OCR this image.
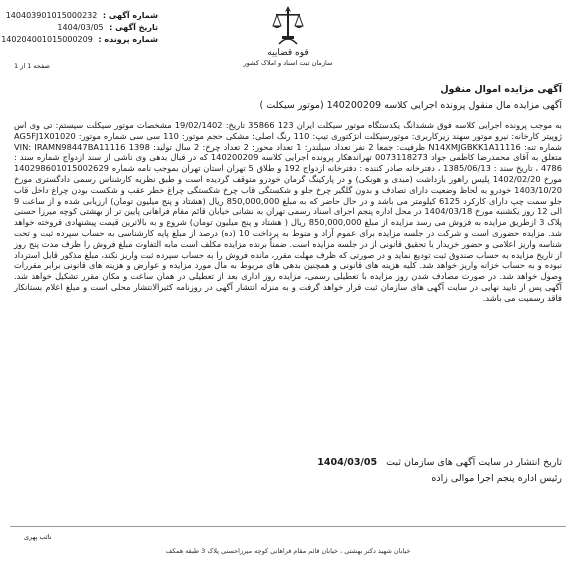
شماره آگهی : 140403901015000232
تاریخ آگهی : 1404/03/05
شماره پرونده : 140204001015000209
قوه قضاییه
سازمان ثبت اسناد و املاک کشور
صفحه 1 از 1
آگهی مزایده اموال منقول
آگهی مزایده مال منقول پرونده اجرایی کلاسه 140200209 (موتور سیکلت )

به موجب پرونده اجرایی کلاسه فوق ششدانگ یکدستگاه موتور سیکلت ایران 123 35866 تاریخ: 19/02/1402 مشخصات موتور سیکلت سیستم: تی وی اس ژوپیتر کارخانه: نیرو موتور سهند زیرکاربری: موتورسیکلت انژکتوری تیپ: 110 رنگ اصلی: مشکی حجم موتور: 110 سی سی شماره موتور: AG5FJ1X01020 شماره تنه: N14XMJGBKK1A11116 ظرفیت: جمعا 2 نفر تعداد سیلندر: 1 تعداد محور: 2 تعداد چرخ: 2 سال تولید: 1398 VIN: IRAMN98447BA11116 متعلق به آقای محمدرضا کاظمی جواد 0073118273 تهراندهکار پرونده اجرایی کلاسه 140200209 که در قبال بدهی وی ناشی از سند ازدواج شماره سند : 4786 ، تاریخ سند : 1385/06/13 ، دفترخانه صادر کننده : دفترخانه ازدواج 192 و طلاق 5 تهران استان تهران بموجب نامه شماره 140298601015002629 مورخ 1402/02/20 پلیس راهور بازداشت (مبدی و هوبکی) و در پارکینگ گرمان خودرو متوقف گردیده است و طبق نظریه کارشناس رسمی دادگستری مورخ 1403/10/20 خودرو به لحاظ وضعیت دارای تصادف و بدون گلگیر چرخ جلو و شکستگی قاب چرخ شکستگی چراغ خطر عقب و شکست بودن چراغ داخل قاب جلو سمت چپ دارای کارکرد 6125 کیلومتر می باشد و در حال حاضر که به مبلغ 850,000,000 ریال (هشتاد و پنج میلیون تومان) ارزیابی شده و از ساعت 9 الی 12 روز یکشنبه مورخ 1404/03/18 در محل اداره پنجم اجرای اسناد رسمی تهران به نشانی خیابان قائم مقام فراهانی پایین تر از بهشتی کوچه میرزا حسنی پلاک 3 ازطریق مزایده به فروش می رسد مزایده از مبلغ 850,000,000 ریال ( هشتاد و پنج میلیون تومان) شروع و به بالاترین قیمت پیشنهادی فروخته خواهد شد. مزایده حضوری است و شرکت در جلسه مزایده برای عموم آزاد و منوط به پرداخت 10 (ده) درصد از مبلغ پایه کارشناسی به حساب سپرده ثبت و تحت شناسه واریز اعلامی و حضور خریدار با تحقیق قانونی از در جلسه مزایده است. ضمناً برنده مزایده مکلف است مابه التفاوت مبلغ فروش را ظرف مدت پنج روز از تاریخ مزایده به حساب صندوق ثبت تودیع نماید و در صورتی که ظرف مهلت مقرر، مانده فروش را به حساب سپرده ثبت واریز نکند، مبلغ مذکور قابل استرداد نبوده و به حساب خزانه واریز خواهد شد. کلیه هزینه های قانونی و همچنین بدهی های مربوط به مال مورد مزایده و عوارض و هزینه های قانونی برابر مقررات وصول خواهد شد. در صورت مصادف شدن روز مزایده با تعطیلی رسمی، مزایده روز اداری بعد از تعطیلی در همان ساعت و مکان مقرر تشکیل خواهد شد. آگهی پس از تایید نهایی در سایت آگهی های سازمان ثبت قرار خواهد گرفت و به منزله انتشار آگهی در روزنامه کثیرالانتشار محلی است و مبلغ اعلام بستانکار فاقد رسمیت می باشد.

تاریخ انتشار در سایت آگهی های سازمان ثبت 1404/03/05
رئیس اداره پنجم اجرا موالی زاده
نائب پهری
خیابان شهید دکتر بهشتی ، خیابان قائم مقام فراهانی کوچه میرزاحسنی پلاک 3 طبقه همکف
